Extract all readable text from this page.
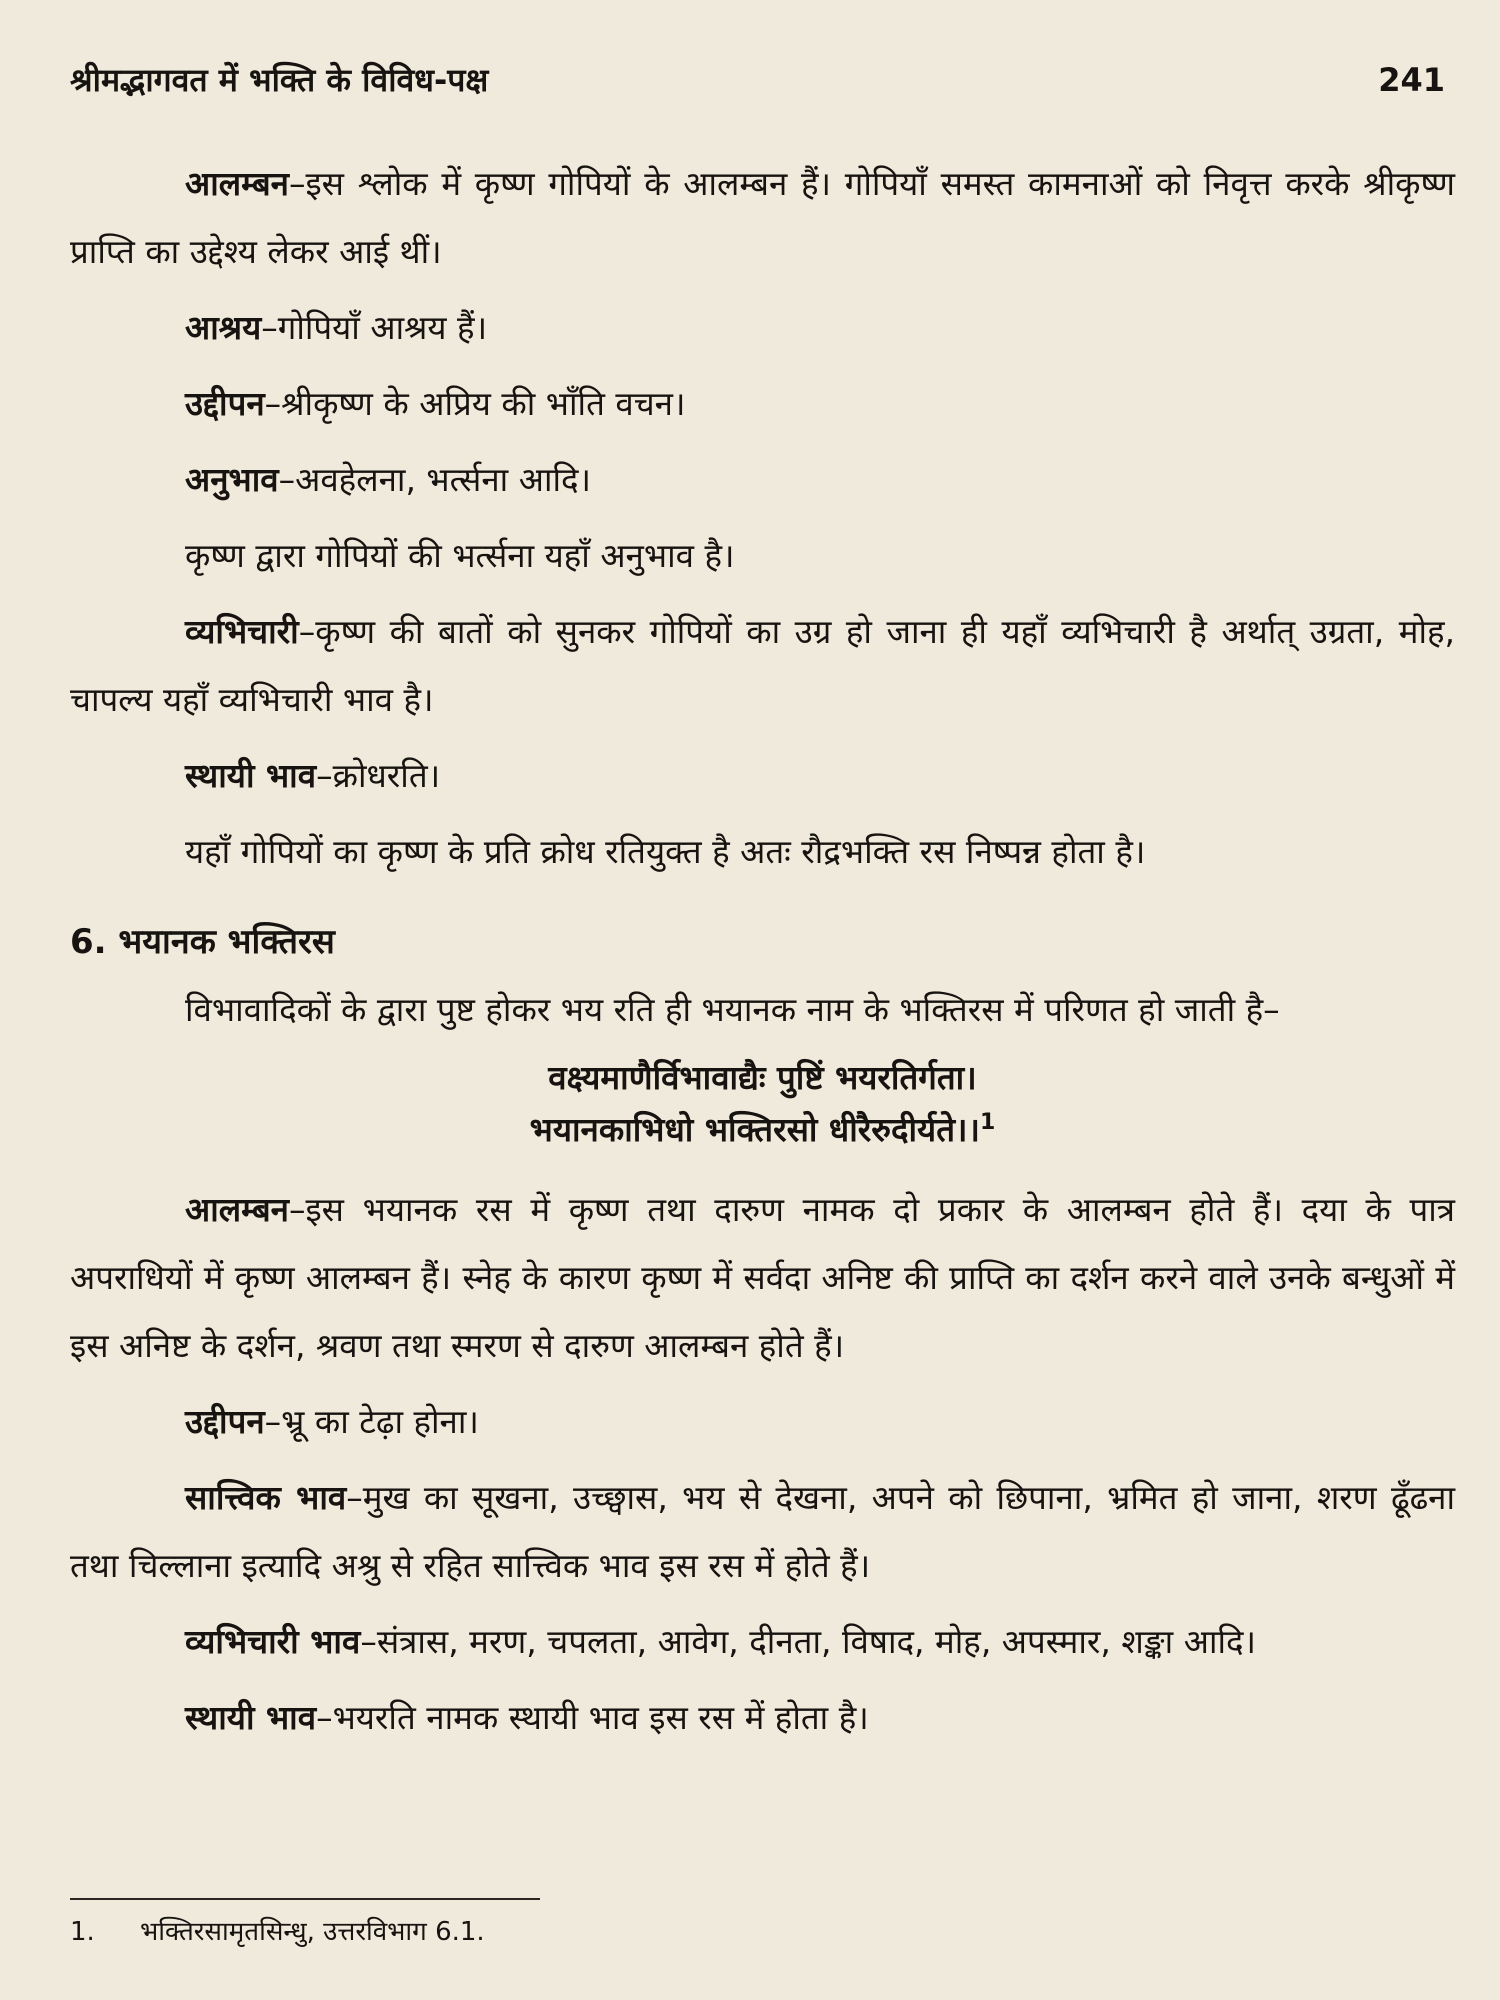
श्रीमद्भागवत में भक्ति के विविध-पक्ष	241

आलम्बन–इस श्लोक में कृष्ण गोपियों के आलम्बन हैं। गोपियाँ समस्त कामनाओं को निवृत्त करके श्रीकृष्ण प्राप्ति का उद्देश्य लेकर आई थीं।

आश्रय–गोपियाँ आश्रय हैं।

उद्दीपन–श्रीकृष्ण के अप्रिय की भाँति वचन।

अनुभाव–अवहेलना, भर्त्सना आदि।

कृष्ण द्वारा गोपियों की भर्त्सना यहाँ अनुभाव है।

व्यभिचारी–कृष्ण की बातों को सुनकर गोपियों का उग्र हो जाना ही यहाँ व्यभिचारी है अर्थात् उग्रता, मोह, चापल्य यहाँ व्यभिचारी भाव है।

स्थायी भाव–क्रोधरति।

यहाँ गोपियों का कृष्ण के प्रति क्रोध रतियुक्त है अतः रौद्रभक्ति रस निष्पन्न होता है।

6. भयानक भक्तिरस

विभावादिकों के द्वारा पुष्ट होकर भय रति ही भयानक नाम के भक्तिरस में परिणत हो जाती है–

वक्ष्यमाणैर्विभावाद्यैः पुष्टिं भयरतिर्गता।
भयानकाभिधो भक्तिरसो धीरैरुदीर्यते।।$^1$

आलम्बन–इस भयानक रस में कृष्ण तथा दारुण नामक दो प्रकार के आलम्बन होते हैं। दया के पात्र अपराधियों में कृष्ण आलम्बन हैं। स्नेह के कारण कृष्ण में सर्वदा अनिष्ट की प्राप्ति का दर्शन करने वाले उनके बन्धुओं में इस अनिष्ट के दर्शन, श्रवण तथा स्मरण से दारुण आलम्बन होते हैं।

उद्दीपन–भ्रू का टेढ़ा होना।

सात्त्विक भाव–मुख का सूखना, उच्छ्वास, भय से देखना, अपने को छिपाना, भ्रमित हो जाना, शरण ढूँढना तथा चिल्लाना इत्यादि अश्रु से रहित सात्त्विक भाव इस रस में होते हैं।

व्यभिचारी भाव–संत्रास, मरण, चपलता, आवेग, दीनता, विषाद, मोह, अपस्मार, शङ्का आदि।

स्थायी भाव–भयरति नामक स्थायी भाव इस रस में होता है।

1.	भक्तिरसामृतसिन्धु, उत्तरविभाग 6.1.
